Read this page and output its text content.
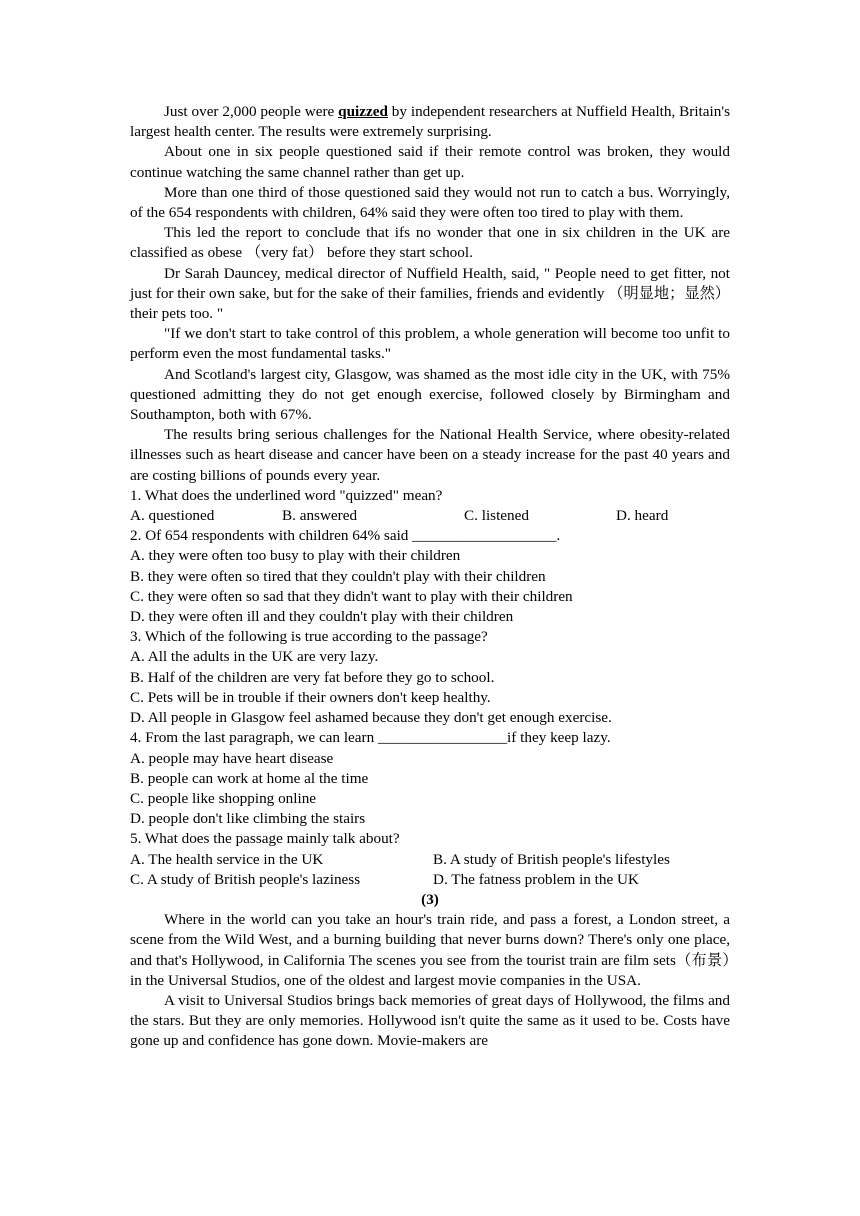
Just over 2,000 people were quizzed by independent researchers at Nuffield Health, Britain's largest health center. The results were extremely surprising.

About one in six people questioned said if their remote control was broken, they would continue watching the same channel rather than get up.

More than one third of those questioned said they would not run to catch a bus. Worryingly, of the 654 respondents with children, 64% said they were often too tired to play with them.

This led the report to conclude that ifs no wonder that one in six children in the UK are classified as obese （very fat） before they start school.

Dr Sarah Dauncey, medical director of Nuffield Health, said, " People need to get fitter, not just for their own sake, but for the sake of their families, friends and evidently （明显地；显然） their pets too. "

"If we don't start to take control of this problem, a whole generation will become too unfit to perform even the most fundamental tasks."

And Scotland's largest city, Glasgow, was shamed as the most idle city in the UK, with 75% questioned admitting they do not get enough exercise, followed closely by Birmingham and Southampton, both with 67%.

The results bring serious challenges for the National Health Service, where obesity-related illnesses such as heart disease and cancer have been on a steady increase for the past 40 years and are costing billions of pounds every year.

1. What does the underlined word "quizzed" mean?

A. questioned	B. answered	C. listened	D. heard

2. Of 654 respondents with children 64% said ___________________.

A. they were often too busy to play with their children

B. they were often so tired that they couldn't play with their children

C. they were often so sad that they didn't want to play with their children

D. they were often ill and they couldn't play with their children

3. Which of the following is true according to the passage?

A. All the adults in the UK are very lazy.

B. Half of the children are very fat before they go to school.

C. Pets will be in trouble if their owners don't keep healthy.

D. All people in Glasgow feel ashamed because they don't get enough exercise.

4. From the last paragraph, we can learn _________________if they keep lazy.

A. people may have heart disease

B. people can work at home al the time

C. people like shopping online

D. people don't like climbing the stairs

5. What does the passage mainly talk about?

A. The health service in the UK	B. A study of British people's lifestyles
C. A study of British people's laziness	D. The fatness problem in the UK

(3)

Where in the world can you take an hour's train ride, and pass a forest, a London street, a scene from the Wild West, and a burning building that never burns down? There's only one place, and that's Hollywood, in California The scenes you see from the tourist train are film sets（布景）in the Universal Studios, one of the oldest and largest movie companies in the USA.

A visit to Universal Studios brings back memories of great days of Hollywood, the films and the stars. But they are only memories. Hollywood isn't quite the same as it used to be. Costs have gone up and confidence has gone down. Movie-makers are
